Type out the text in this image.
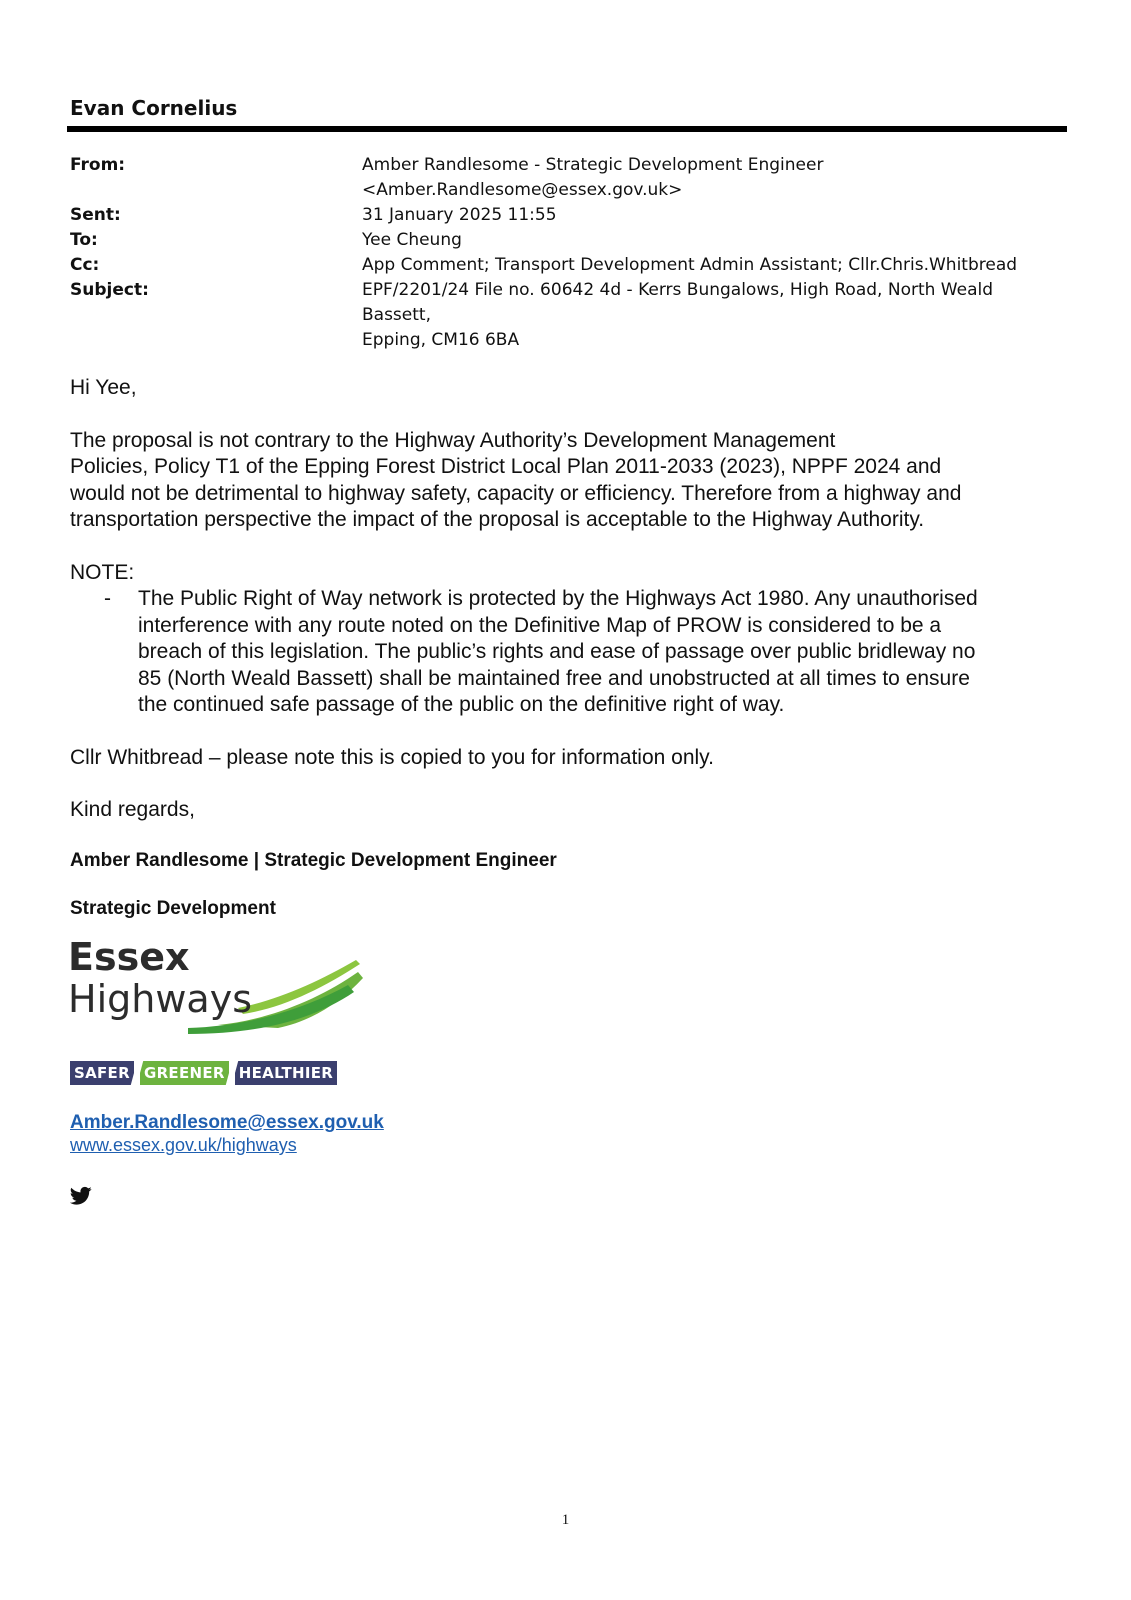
Evan Cornelius
From:	Amber Randlesome - Strategic Development Engineer
<Amber.Randlesome@essex.gov.uk>
Sent:	31 January 2025 11:55
To:	Yee Cheung
Cc:	App Comment; Transport Development Admin Assistant; Cllr.Chris.Whitbread
Subject:	EPF/2201/24 File no. 60642 4d - Kerrs Bungalows, High Road, North Weald Bassett,
Epping, CM16 6BA

Hi Yee,

The proposal is not contrary to the Highway Authority’s Development Management
Policies, Policy T1 of the Epping Forest District Local Plan 2011-2033 (2023), NPPF 2024 and
would not be detrimental to highway safety, capacity or efficiency. Therefore from a highway and
transportation perspective the impact of the proposal is acceptable to the Highway Authority.

NOTE:

-	The Public Right of Way network is protected by the Highways Act 1980. Any unauthorised
interference with any route noted on the Definitive Map of PROW is considered to be a
breach of this legislation. The public’s rights and ease of passage over public bridleway no
85 (North Weald Bassett) shall be maintained free and unobstructed at all times to ensure
the continued safe passage of the public on the definitive right of way.

Cllr Whitbread – please note this is copied to you for information only.

Kind regards,

Amber Randlesome | Strategic Development Engineer
Strategic Development
Essex
Highways
SAFER GREENER HEALTHIER
Amber.Randlesome@essex.gov.uk
www.essex.gov.uk/highways
1
